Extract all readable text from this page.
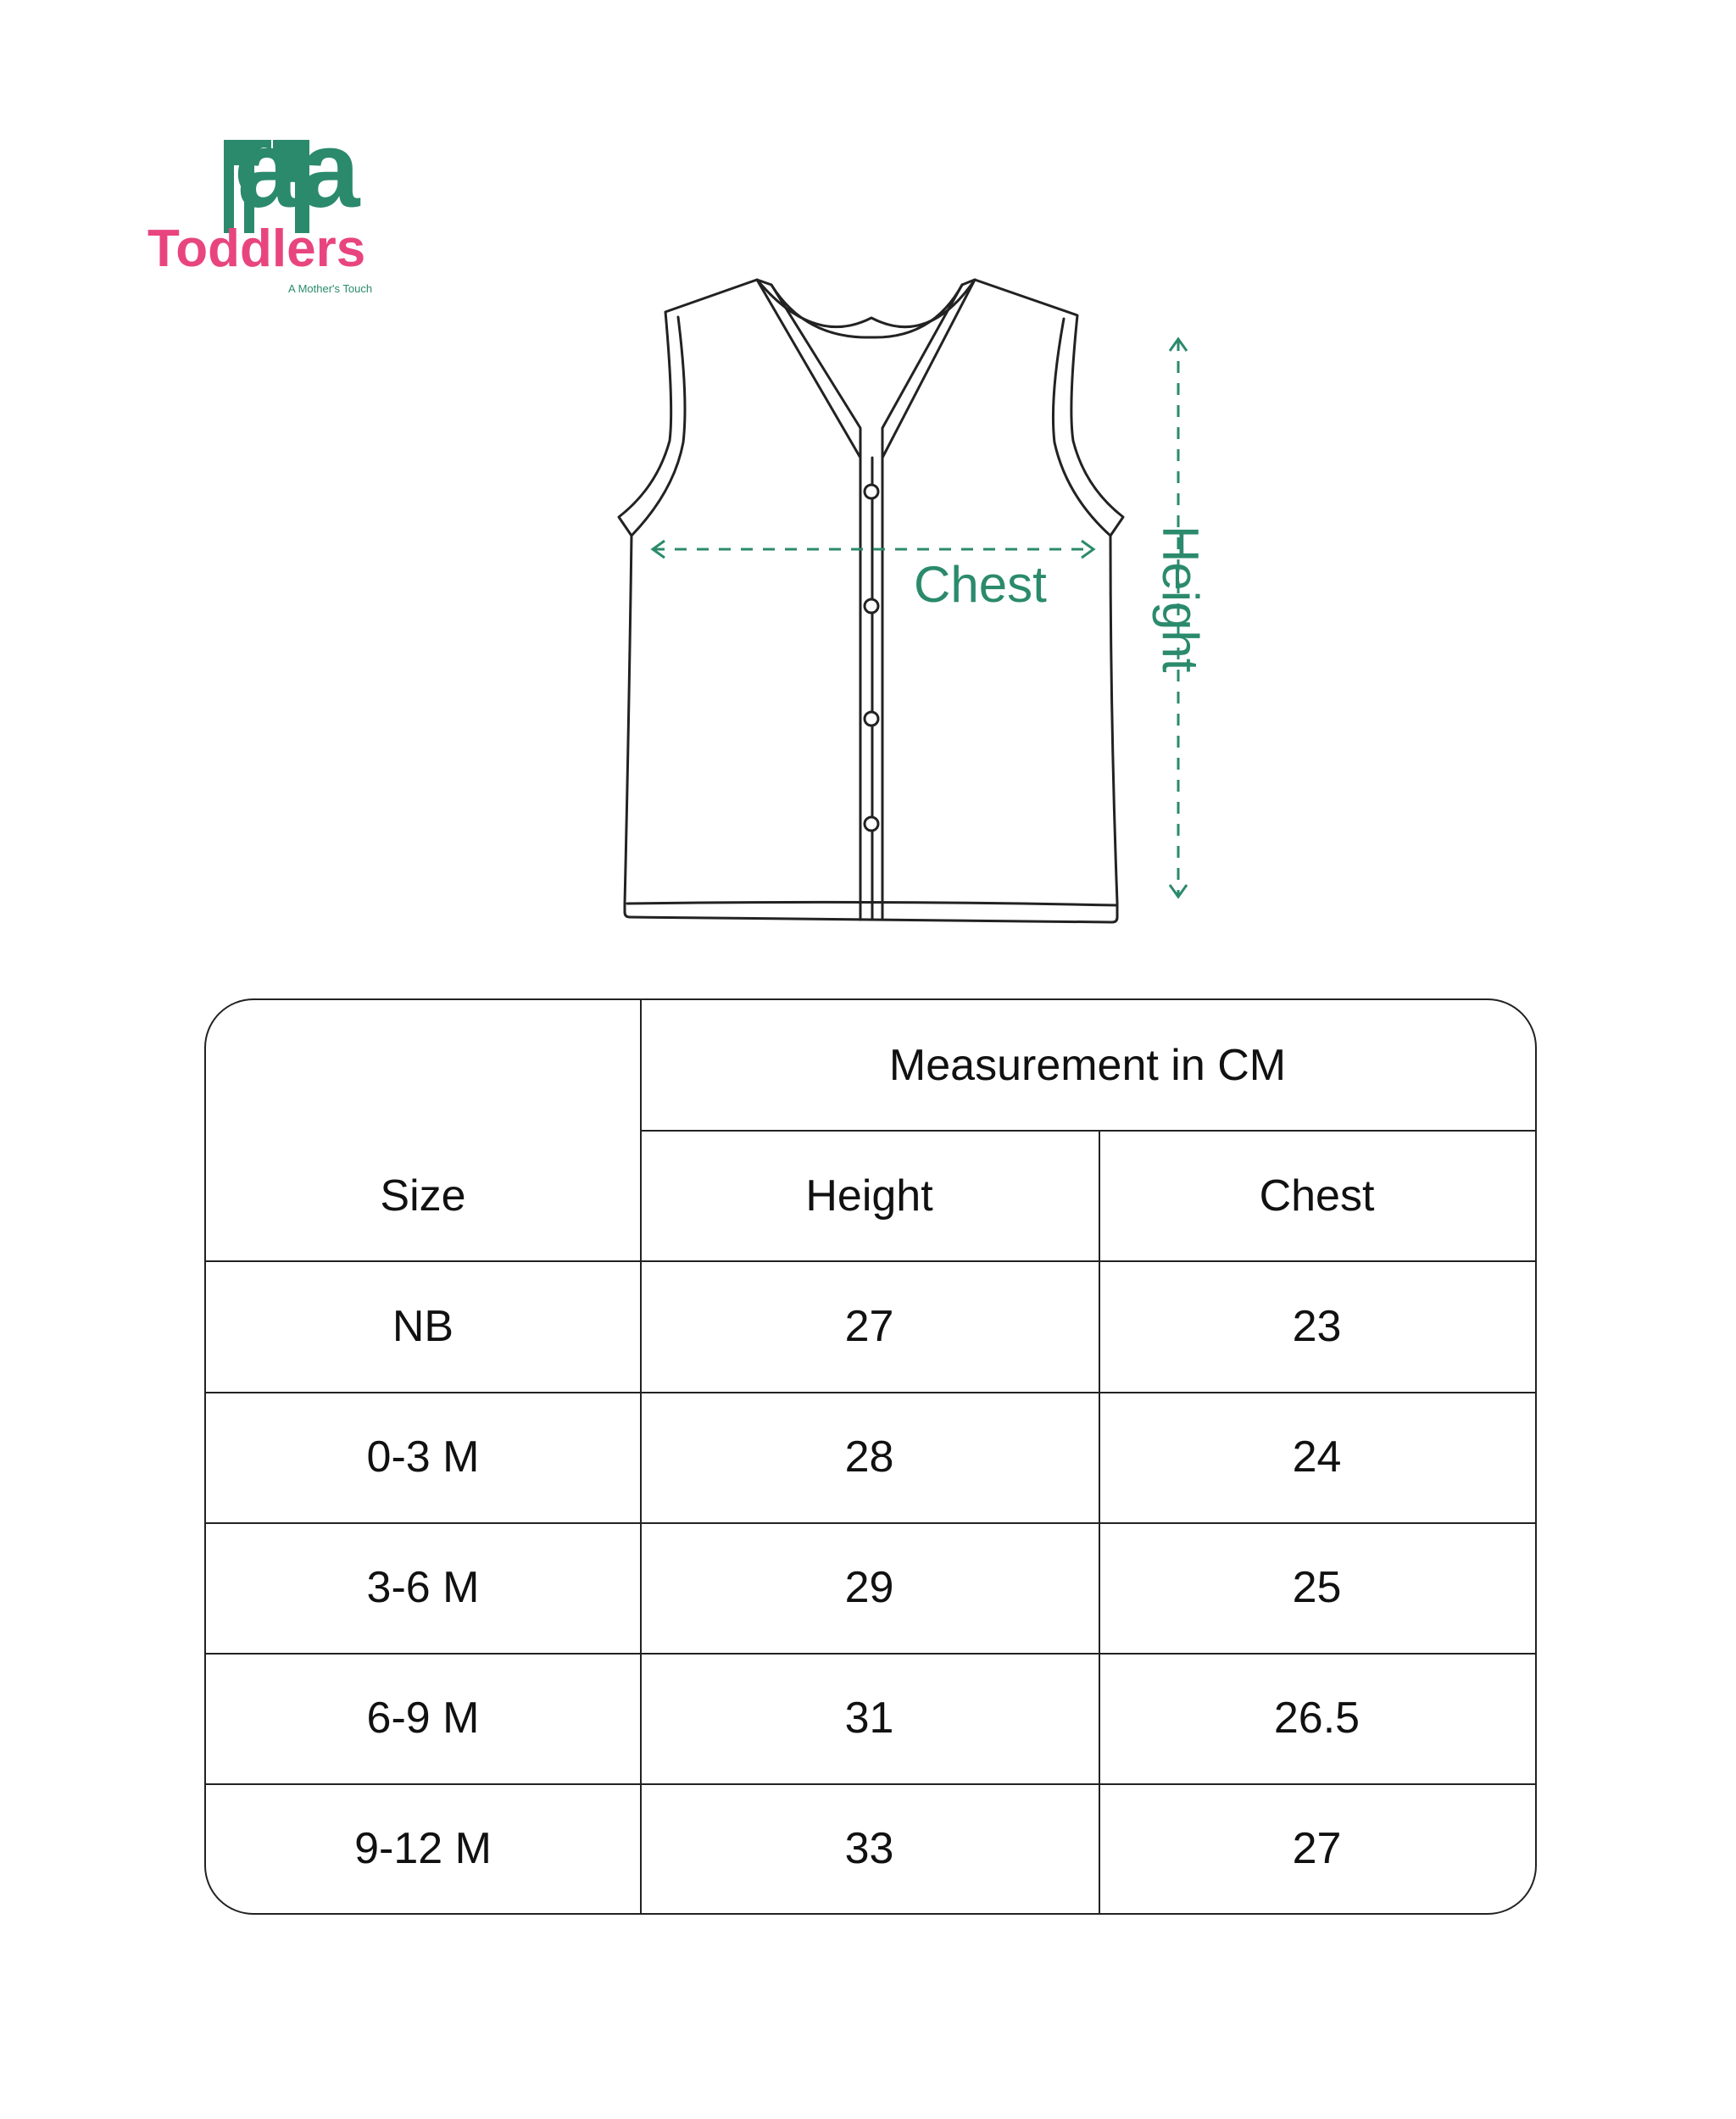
aa
Toddlers
A Mother's Touch
Chest Height
Measurement in CM
Size	Height	Chest
NB	27	23
0-3 M	28	24
3-6 M	29	25
6-9 M	31	26.5
9-12 M	33	27
